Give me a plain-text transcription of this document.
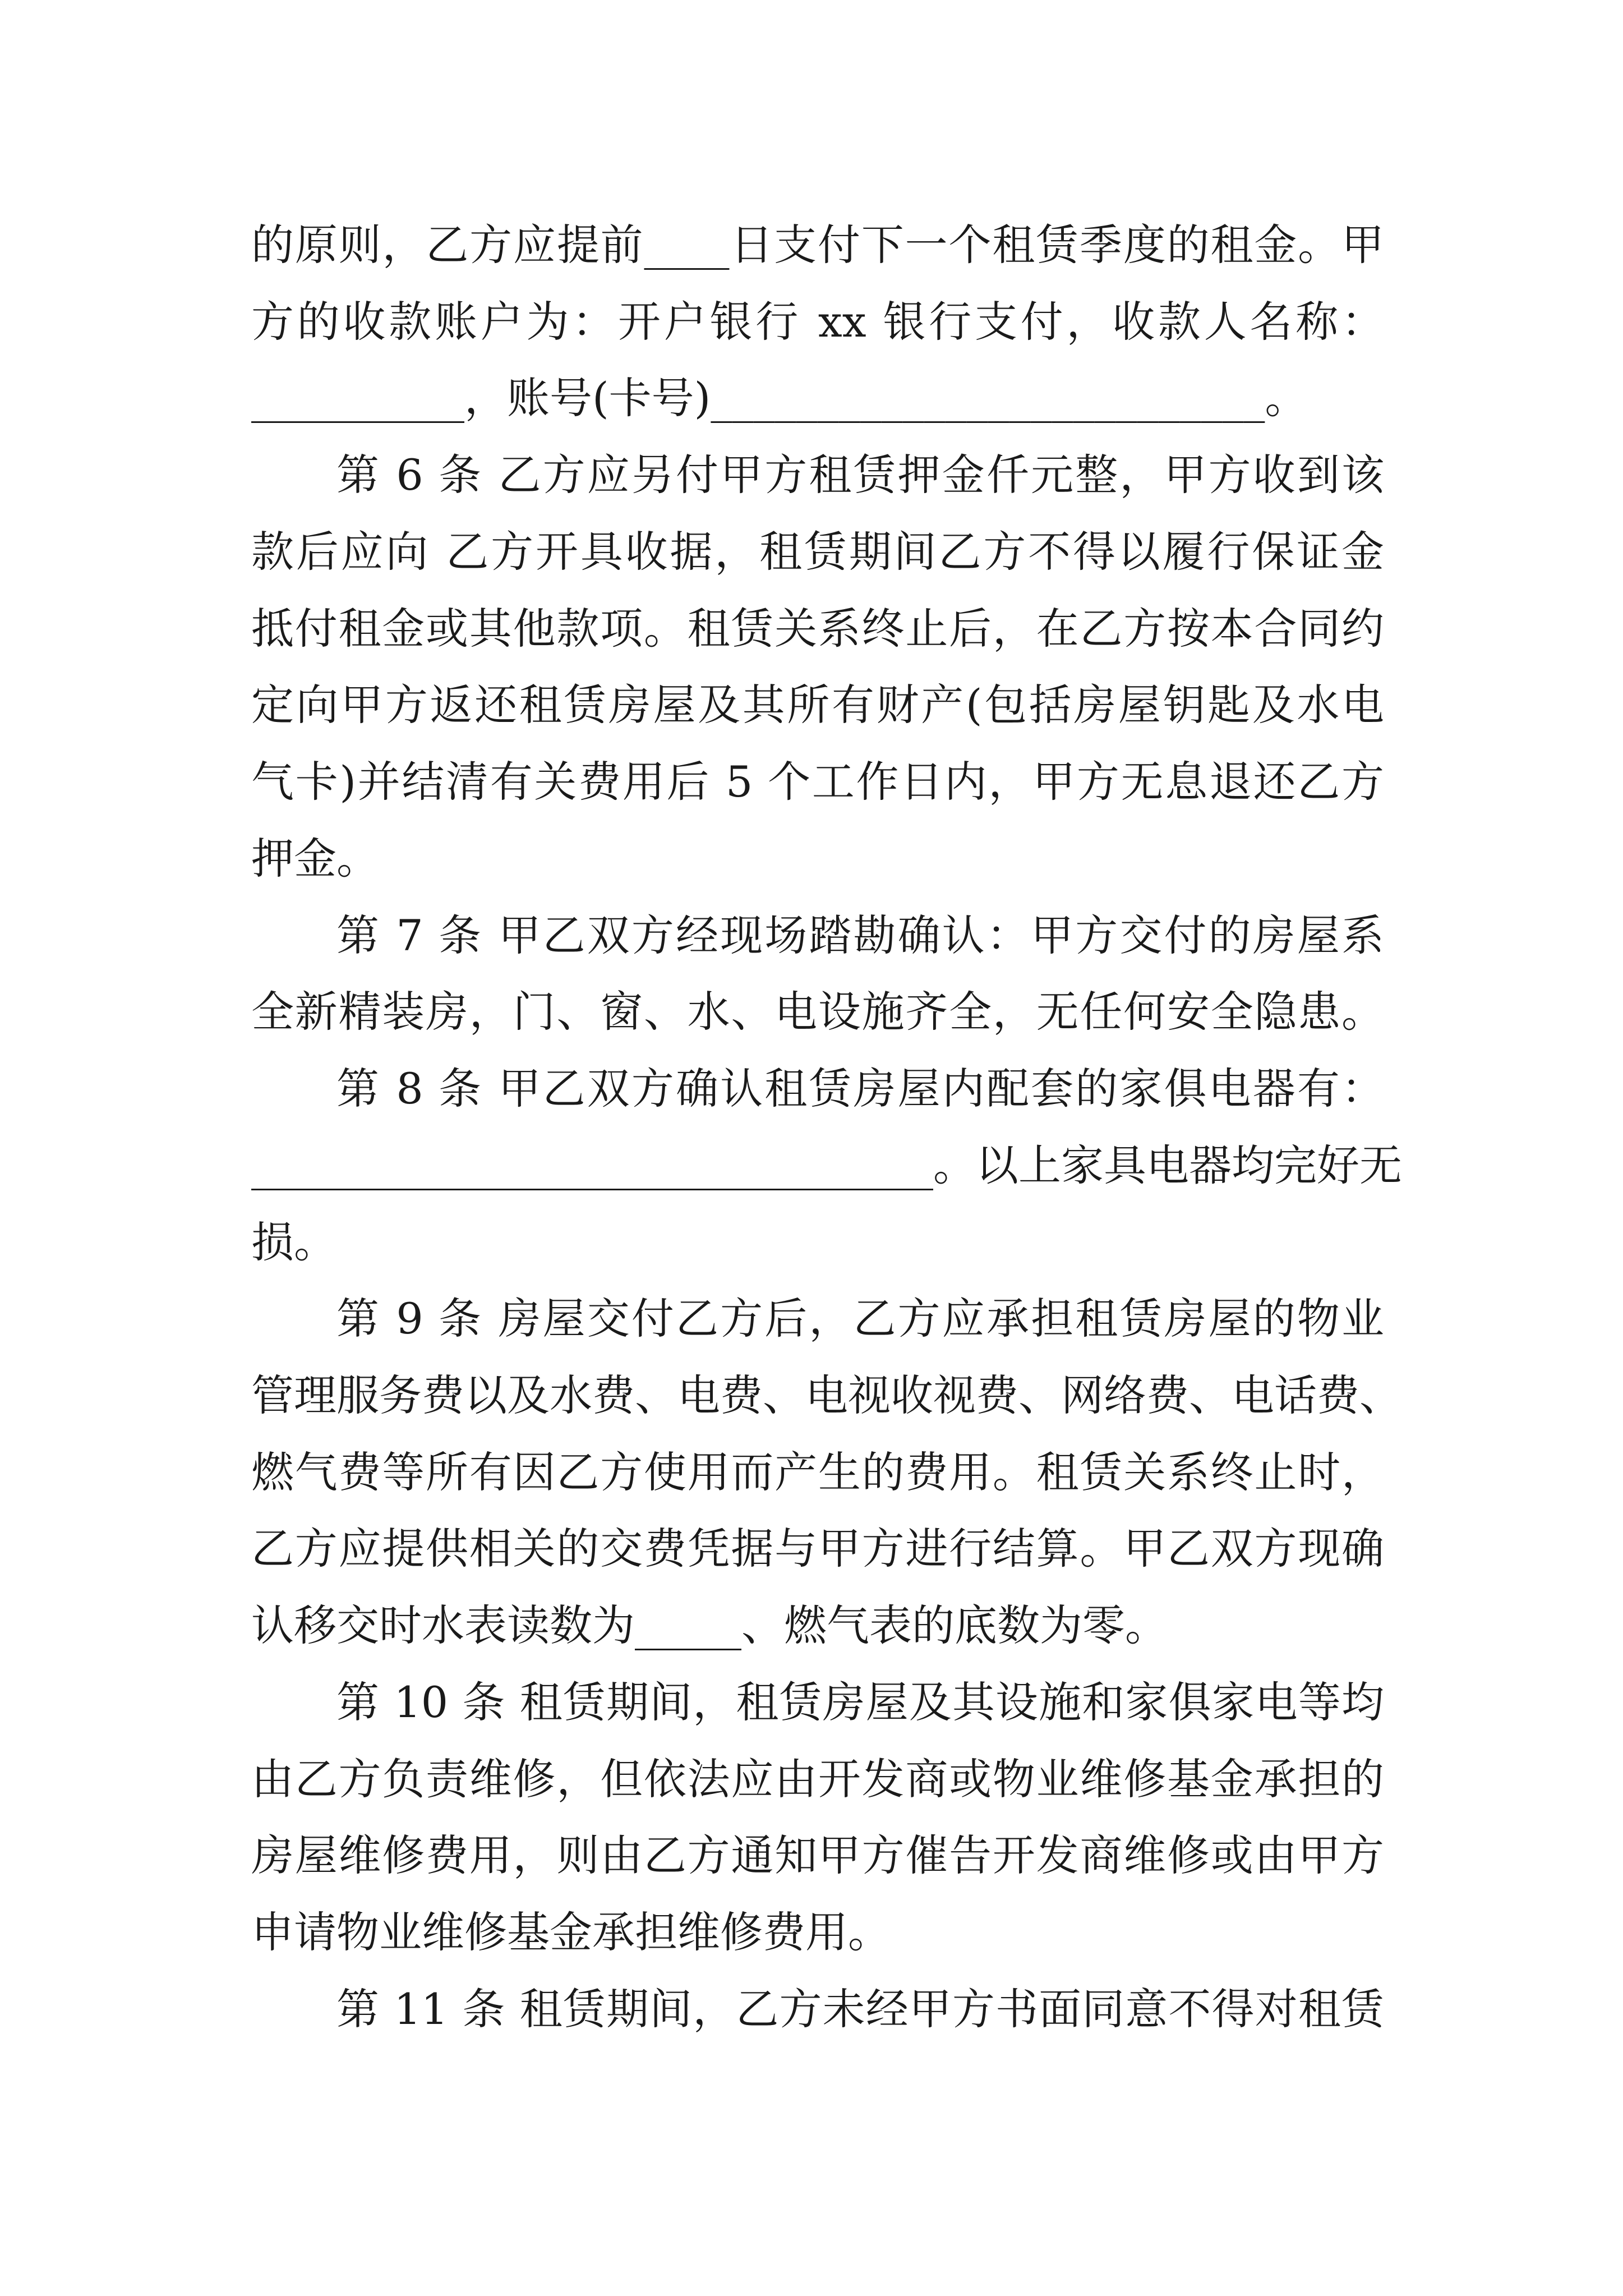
的原则，乙方应提前____日支付下一个租赁季度的租金。甲
方的收款账户为：开户银行 xx 银行支付，收款人名称：
__________，账号(卡号)__________________________。
第 6 条 乙方应另付甲方租赁押金仟元整，甲方收到该
款后应向 乙方开具收据，租赁期间乙方不得以履行保证金
抵付租金或其他款项。租赁关系终止后，在乙方按本合同约
定向甲方返还租赁房屋及其所有财产(包括房屋钥匙及水电
气卡)并结清有关费用后 5 个工作日内，甲方无息退还乙方
押金。
第 7 条 甲乙双方经现场踏勘确认：甲方交付的房屋系
全新精装房，门、窗、水、电设施齐全，无任何安全隐患。
第 8 条 甲乙双方确认租赁房屋内配套的家俱电器有：
________________________________。以上家具电器均完好无
损。
第 9 条 房屋交付乙方后，乙方应承担租赁房屋的物业
管理服务费以及水费、电费、电视收视费、网络费、电话费、
燃气费等所有因乙方使用而产生的费用。租赁关系终止时，
乙方应提供相关的交费凭据与甲方进行结算。甲乙双方现确
认移交时水表读数为_____、燃气表的底数为零。
第 10 条 租赁期间，租赁房屋及其设施和家俱家电等均
由乙方负责维修，但依法应由开发商或物业维修基金承担的
房屋维修费用，则由乙方通知甲方催告开发商维修或由甲方
申请物业维修基金承担维修费用。
第 11 条 租赁期间，乙方未经甲方书面同意不得对租赁
